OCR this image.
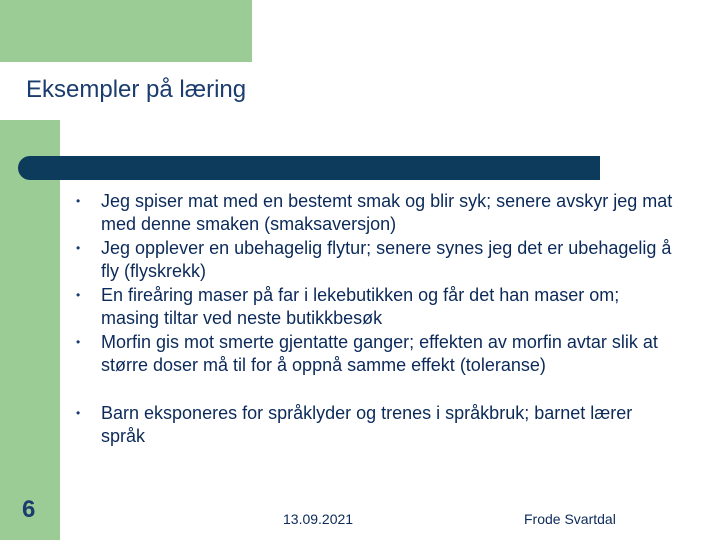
Eksempler på læring
• Jeg spiser mat med en bestemt smak og blir syk; senere avskyr jeg mat med denne smaken (smaksaversjon)
• Jeg opplever en ubehagelig flytur; senere synes jeg det er ubehagelig å fly (flyskrekk)
• En fireåring maser på far i lekebutikken og får det han maser om; masing tiltar ved neste butikkbesøk
• Morfin gis mot smerte gjentatte ganger; effekten av morfin avtar slik at større doser må til for å oppnå samme effekt (toleranse)
• Barn eksponeres for språklyder og trenes i språkbruk; barnet lærer språk
6	13.09.2021	Frode Svartdal
